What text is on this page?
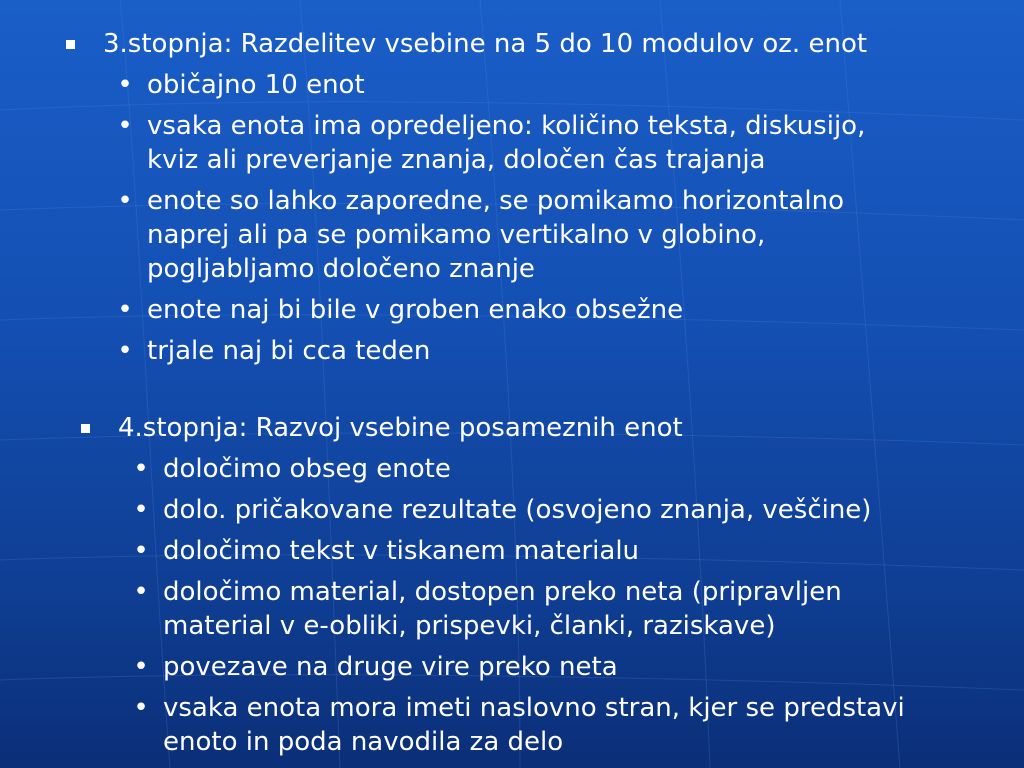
3.stopnja: Razdelitev vsebine na 5 do 10 modulov oz. enot
• običajno 10 enot
• vsaka enota ima opredeljeno: količino teksta, diskusijo,
kviz ali preverjanje znanja, določen čas trajanja
• enote so lahko zaporedne, se pomikamo horizontalno
naprej ali pa se pomikamo vertikalno v globino,
pogljabljamo določeno znanje
• enote naj bi bile v groben enako obsežne
• trjale naj bi cca teden
4.stopnja: Razvoj vsebine posameznih enot
• določimo obseg enote
• dolo. pričakovane rezultate (osvojeno znanja, veščine)
• določimo tekst v tiskanem materialu
• določimo material, dostopen preko neta (pripravljen
material v e-obliki, prispevki, članki, raziskave)
• povezave na druge vire preko neta
• vsaka enota mora imeti naslovno stran, kjer se predstavi
enoto in poda navodila za delo
